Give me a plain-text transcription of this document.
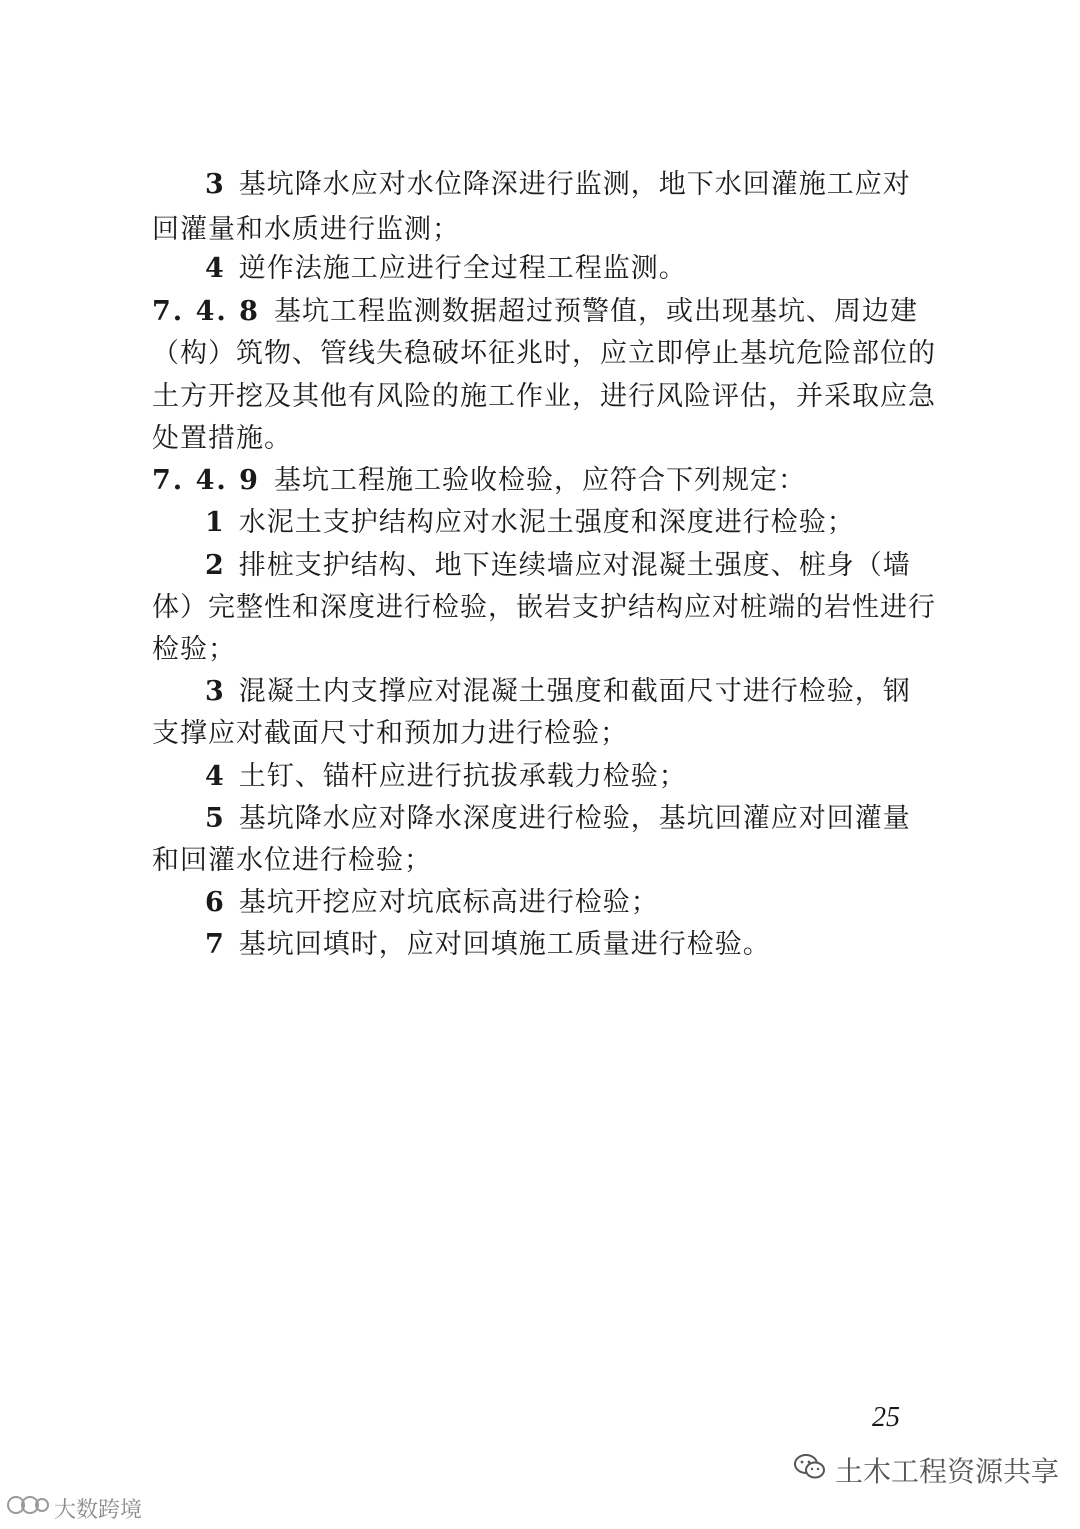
3 基坑降水应对水位降深进行监测，地下水回灌施工应对
回灌量和水质进行监测；
4 逆作法施工应进行全过程工程监测。
7. 4. 8 基坑工程监测数据超过预警值，或出现基坑、周边建
（构）筑物、管线失稳破坏征兆时，应立即停止基坑危险部位的
土方开挖及其他有风险的施工作业，进行风险评估，并采取应急
处置措施。
7. 4. 9 基坑工程施工验收检验，应符合下列规定：
1 水泥土支护结构应对水泥土强度和深度进行检验；
2 排桩支护结构、地下连续墙应对混凝土强度、桩身（墙
体）完整性和深度进行检验，嵌岩支护结构应对桩端的岩性进行
检验；
3 混凝土内支撑应对混凝土强度和截面尺寸进行检验，钢
支撑应对截面尺寸和预加力进行检验；
4 土钉、锚杆应进行抗拔承载力检验；
5 基坑降水应对降水深度进行检验，基坑回灌应对回灌量
和回灌水位进行检验；
6 基坑开挖应对坑底标高进行检验；
7 基坑回填时，应对回填施工质量进行检验。
25
土木工程资源共享
大数跨境
